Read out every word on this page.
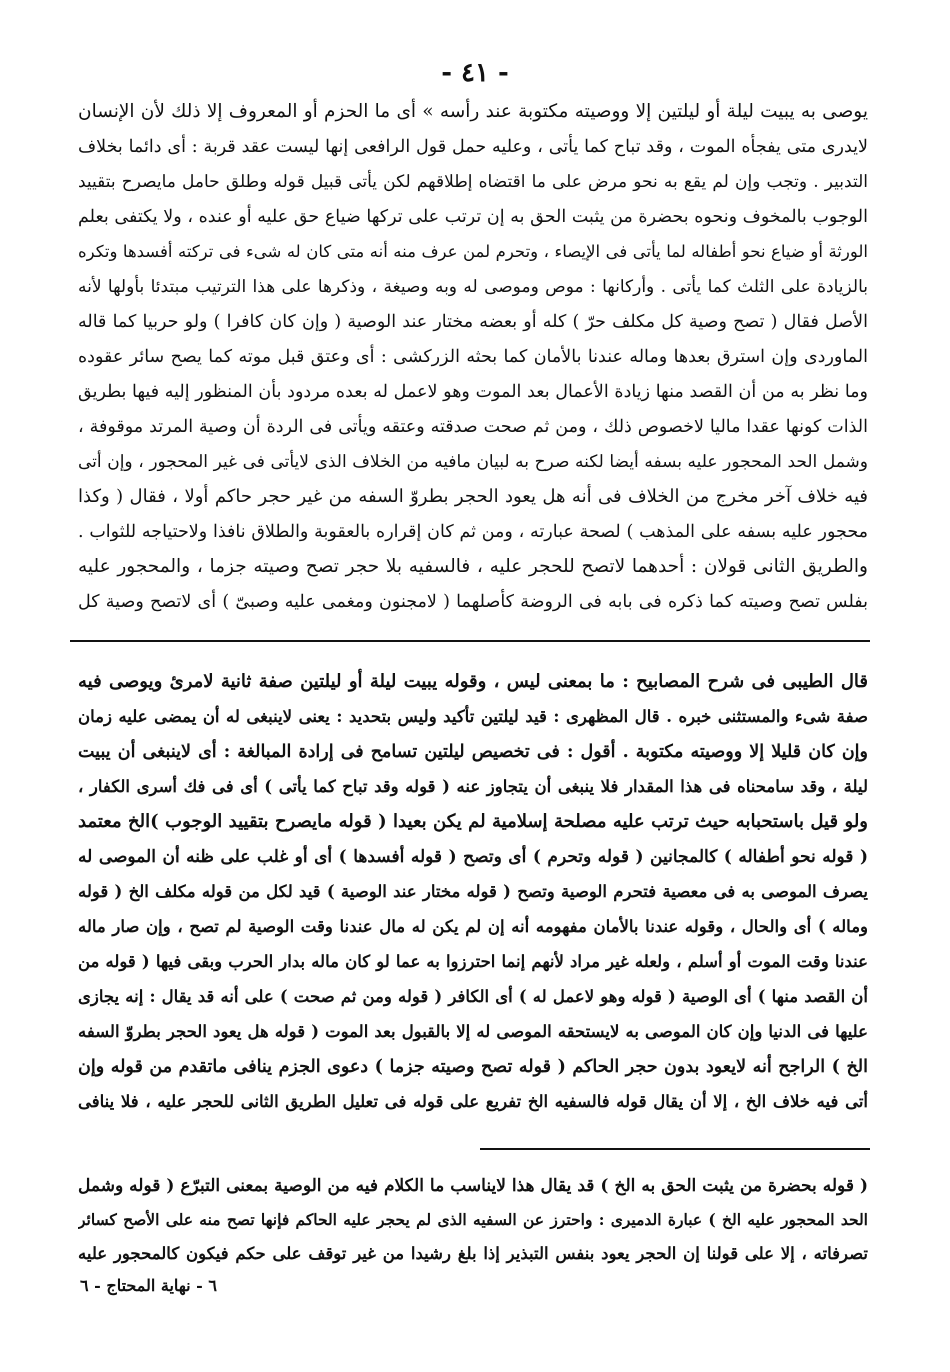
- ٤١ -
يوصى به يبيت ليلة أو ليلتين إلا ووصيته مكتوبة عند رأسه » أى ما الحزم أو المعروف إلا ذلك لأن الإنسان
لايدرى متى يفجأه الموت ، وقد تباح كما يأتى ، وعليه حمل قول الرافعى إنها ليست عقد قربة : أى دائما بخلاف
التدبير . وتجب وإن لم يقع به نحو مرض على ما اقتضاه إطلاقهم لكن يأتى قبيل قوله وطلق حامل مايصرح بتقييد
الوجوب بالمخوف ونحوه بحضرة من يثبت الحق به إن ترتب على تركها ضياع حق عليه أو عنده ، ولا يكتفى بعلم
الورثة أو ضياع نحو أطفاله لما يأتى فى الإيصاء ، وتحرم لمن عرف منه أنه متى كان له شىء فى تركته أفسدها وتكره
بالزيادة على الثلث كما يأتى . وأركانها : موص وموصى له وبه وصيغة ، وذكرها على هذا الترتيب مبتدئا بأولها لأنه
الأصل فقال ( تصح وصية كل مكلف حرّ ) كله أو بعضه مختار عند الوصية ( وإن كان كافرا ) ولو حربيا كما قاله
الماوردى وإن استرق بعدها وماله عندنا بالأمان كما بحثه الزركشى : أى وعتق قبل موته كما يصح سائر عقوده
وما نظر به من أن القصد منها زيادة الأعمال بعد الموت وهو لاعمل له بعده مردود بأن المنظور إليه فيها بطريق
الذات كونها عقدا ماليا لاخصوص ذلك ، ومن ثم صحت صدقته وعتقه ويأتى فى الردة أن وصية المرتد موقوفة ،
وشمل الحد المحجور عليه بسفه أيضا لكنه صرح به لبيان مافيه من الخلاف الذى لايأتى فى غير المحجور ، وإن أتى
فيه خلاف آخر مخرج من الخلاف فى أنه هل يعود الحجر بطروّ السفه من غير حجر حاكم أولا ، فقال ( وكذا
محجور عليه بسفه على المذهب ) لصحة عبارته ، ومن ثم كان إقراره بالعقوبة والطلاق نافذا ولاحتياجه للثواب .
والطريق الثانى قولان : أحدهما لاتصح للحجر عليه ، فالسفيه بلا حجر تصح وصيته جزما ، والمحجور عليه
بفلس تصح وصيته كما ذكره فى بابه فى الروضة كأصلهما ( لامجنون ومغمى عليه وصبىّ ) أى لاتصح وصية كل
قال الطيبى فى شرح المصابيح : ما بمعنى ليس ، وقوله يبيت ليلة أو ليلتين صفة ثانية لامرئ ويوصى فيه
صفة شىء والمستثنى خبره . قال المظهرى : قيد ليلتين تأكيد وليس بتحديد : يعنى لاينبغى له أن يمضى عليه زمان
وإن كان قليلا إلا ووصيته مكتوبة . أقول : فى تخصيص ليلتين تسامح فى إرادة المبالغة : أى لاينبغى أن يبيت
ليلة ، وقد سامحناه فى هذا المقدار فلا ينبغى أن يتجاوز عنه ( قوله وقد تباح كما يأتى ) أى فى فك أسرى الكفار ،
ولو قيل باستحبابه حيث ترتب عليه مصلحة إسلامية لم يكن بعيدا ( قوله مايصرح بتقييد الوجوب )الخ معتمد
( قوله نحو أطفاله ) كالمجانين ( قوله وتحرم ) أى وتصح ( قوله أفسدها ) أى أو غلب على ظنه أن الموصى له
يصرف الموصى به فى معصية فتحرم الوصية وتصح ( قوله مختار عند الوصية ) قيد لكل من قوله مكلف الخ ( قوله
وماله ) أى والحال ، وقوله عندنا بالأمان مفهومه أنه إن لم يكن له مال عندنا وقت الوصية لم تصح ، وإن صار ماله
عندنا وقت الموت أو أسلم ، ولعله غير مراد لأنهم إنما احترزوا به عما لو كان ماله بدار الحرب وبقى فيها ( قوله من
أن القصد منها ) أى الوصية ( قوله وهو لاعمل له ) أى الكافر ( قوله ومن ثم صحت ) على أنه قد يقال : إنه يجازى
عليها فى الدنيا وإن كان الموصى به لايستحقه الموصى له إلا بالقبول بعد الموت ( قوله هل يعود الحجر بطروّ السفه
الخ ) الراجح أنه لايعود بدون حجر الحاكم ( قوله تصح وصيته جزما ) دعوى الجزم ينافى ماتقدم من قوله وإن
أتى فيه خلاف الخ ، إلا أن يقال قوله فالسفيه الخ تفريع على قوله فى تعليل الطريق الثانى للحجر عليه ، فلا ينافى
( قوله بحضرة من يثبت الحق به الخ ) قد يقال هذا لايناسب ما الكلام فيه من الوصية بمعنى التبرّع ( قوله وشمل
الحد المحجور عليه الخ ) عبارة الدميرى : واحترز عن السفيه الذى لم يحجر عليه الحاكم فإنها تصح منه على الأصح كسائر
تصرفاته ، إلا على قولنا إن الحجر يعود بنفس التبذير إذا بلغ رشيدا من غير توقف على حكم فيكون كالمحجور عليه
٦ - نهاية المحتاج - ٦
